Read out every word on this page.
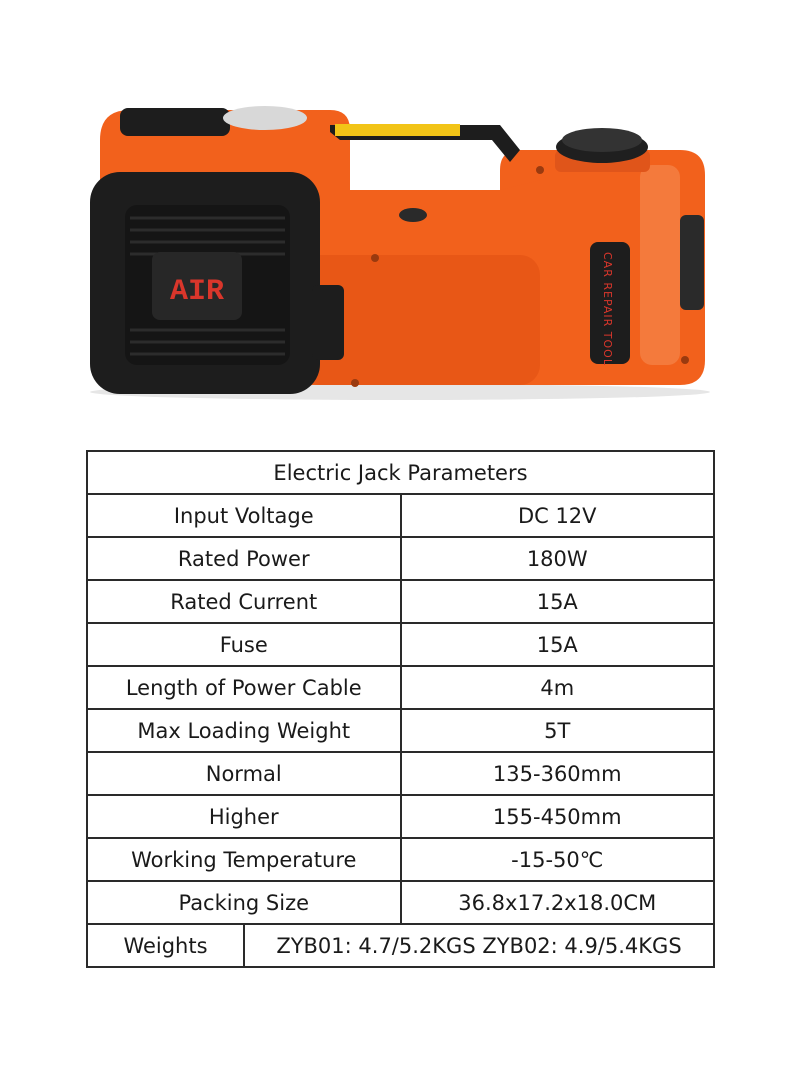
AIR	CAR REPAIR TOOL
Electric Jack Parameters	
Input Voltage	DC 12V
Rated Power	180W
Rated Current	15A
Fuse	15A
Length of Power Cable	4m
Max Loading Weight	5T
Normal	135-360mm
Higher	155-450mm
Working Temperature	-15-50℃
Packing Size	36.8x17.2x18.0CM

Weights ZYB01: 4.7/5.2KGS ZYB02: 4.9/5.4KGS	
